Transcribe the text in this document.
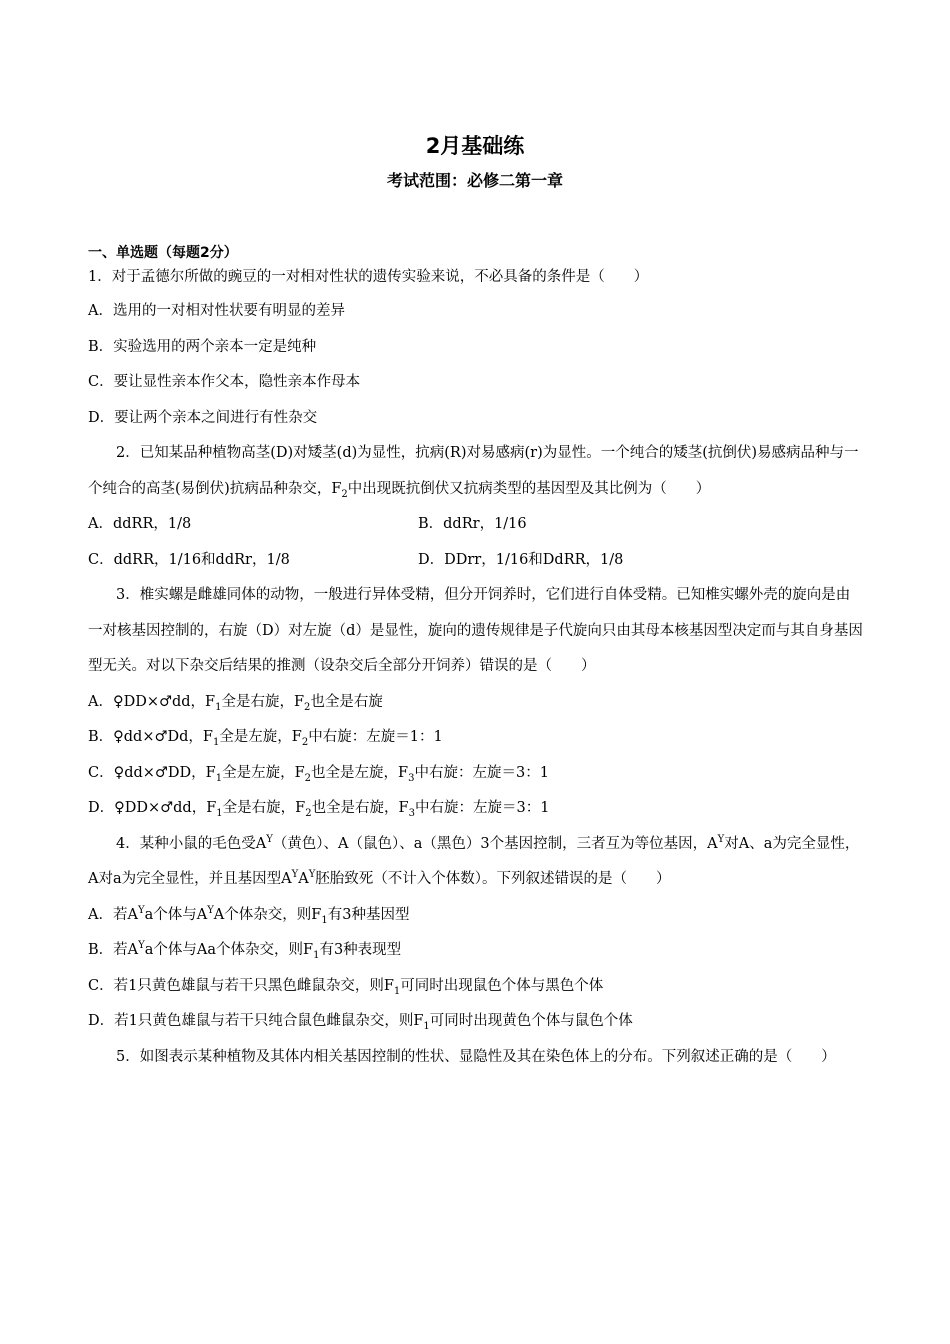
2月基础练
考试范围：必修二第一章

一、单选题（每题2分）

1．对于孟德尔所做的豌豆的一对相对性状的遗传实验来说，不必具备的条件是（　　）

A．选用的一对相对性状要有明显的差异

B．实验选用的两个亲本一定是纯种

C．要让显性亲本作父本，隐性亲本作母本

D．要让两个亲本之间进行有性杂交

2．已知某品种植物高茎(D)对矮茎(d)为显性，抗病(R)对易感病(r)为显性。一个纯合的矮茎(抗倒伏)易感病品种与一个纯合的高茎(易倒伏)抗病品种杂交，$F_2$中出现既抗倒伏又抗病类型的基因型及其比例为（　　）

A．ddRR，1/8	B．ddRr，1/16
C．ddRR，1/16和ddRr，1/8	D．DDrr，1/16和DdRR，1/8

3．椎实螺是雌雄同体的动物，一般进行异体受精，但分开饲养时，它们进行自体受精。已知椎实螺外壳的旋向是由一对核基因控制的，右旋（D）对左旋（d）是显性，旋向的遗传规律是子代旋向只由其母本核基因型决定而与其自身基因型无关。对以下杂交后结果的推测（设杂交后全部分开饲养）错误的是（　　）

A．♀DD×♂dd，$F_1$全是右旋，$F_2$也全是右旋

B．♀dd×♂Dd，$F_1$全是左旋，$F_2$中右旋：左旋＝1：1

C．♀dd×♂DD，$F_1$全是左旋，$F_2$也全是左旋，$F_3$中右旋：左旋＝3：1

D．♀DD×♂dd，$F_1$全是右旋，$F_2$也全是右旋，$F_3$中右旋：左旋＝3：1

4．某种小鼠的毛色受$A^Y$（黄色）、A（鼠色）、a（黑色）3个基因控制，三者互为等位基因，$A^Y$对A、a为完全显性，A对a为完全显性，并且基因型$A^YA^Y$胚胎致死（不计入个体数）。下列叙述错误的是（　　）

A．若$A^Ya$个体与$A^YA$个体杂交，则$F_1$有3种基因型

B．若$A^Ya$个体与Aa个体杂交，则$F_1$有3种表现型

C．若1只黄色雄鼠与若干只黑色雌鼠杂交，则$F_1$可同时出现鼠色个体与黑色个体

D．若1只黄色雄鼠与若干只纯合鼠色雌鼠杂交，则$F_1$可同时出现黄色个体与鼠色个体

5．如图表示某种植物及其体内相关基因控制的性状、显隐性及其在染色体上的分布。下列叙述正确的是（　　）
